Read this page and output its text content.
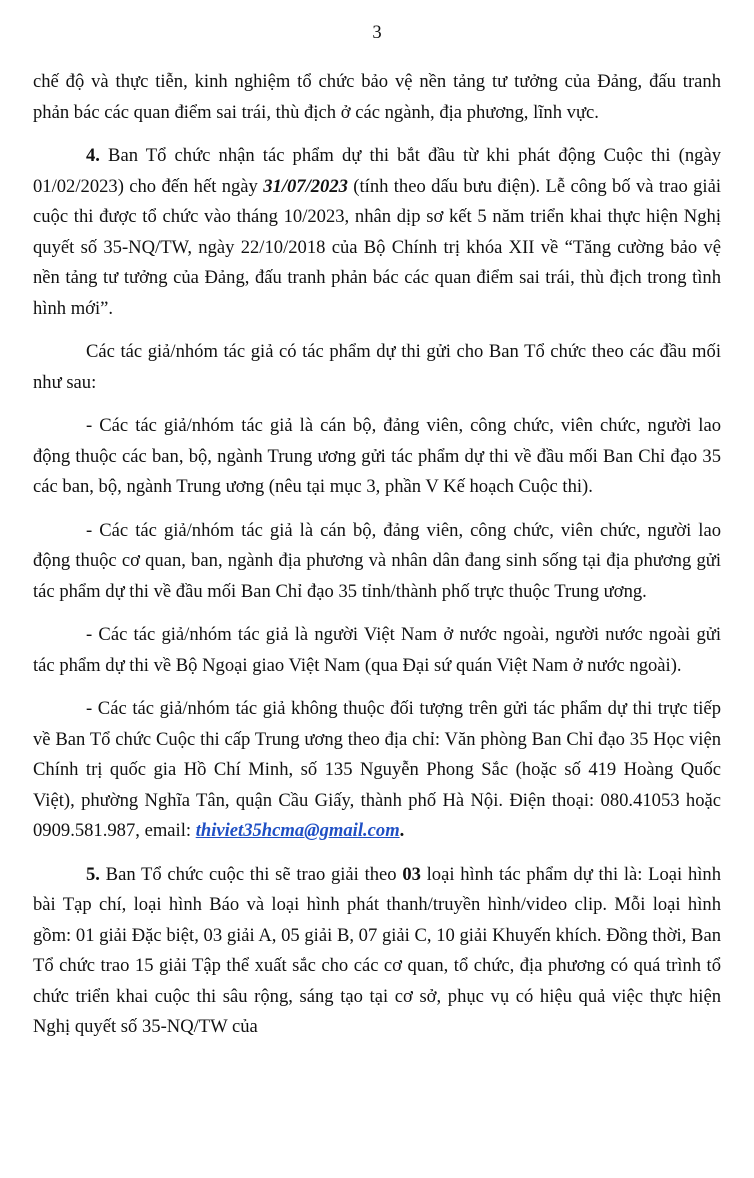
3

chế độ và thực tiễn, kinh nghiệm tổ chức bảo vệ nền tảng tư tưởng của Đảng, đấu tranh phản bác các quan điểm sai trái, thù địch ở các ngành, địa phương, lĩnh vực.

4. Ban Tổ chức nhận tác phẩm dự thi bắt đầu từ khi phát động Cuộc thi (ngày 01/02/2023) cho đến hết ngày 31/07/2023 (tính theo dấu bưu điện). Lễ công bố và trao giải cuộc thi được tổ chức vào tháng 10/2023, nhân dịp sơ kết 5 năm triển khai thực hiện Nghị quyết số 35-NQ/TW, ngày 22/10/2018 của Bộ Chính trị khóa XII về “Tăng cường bảo vệ nền tảng tư tưởng của Đảng, đấu tranh phản bác các quan điểm sai trái, thù địch trong tình hình mới”.

Các tác giả/nhóm tác giả có tác phẩm dự thi gửi cho Ban Tổ chức theo các đầu mối như sau:

- Các tác giả/nhóm tác giả là cán bộ, đảng viên, công chức, viên chức, người lao động thuộc các ban, bộ, ngành Trung ương gửi tác phẩm dự thi về đầu mối Ban Chỉ đạo 35 các ban, bộ, ngành Trung ương (nêu tại mục 3, phần V Kế hoạch Cuộc thi).

- Các tác giả/nhóm tác giả là cán bộ, đảng viên, công chức, viên chức, người lao động thuộc cơ quan, ban, ngành địa phương và nhân dân đang sinh sống tại địa phương gửi tác phẩm dự thi về đầu mối Ban Chỉ đạo 35 tỉnh/thành phố trực thuộc Trung ương.

- Các tác giả/nhóm tác giả là người Việt Nam ở nước ngoài, người nước ngoài gửi tác phẩm dự thi về Bộ Ngoại giao Việt Nam (qua Đại sứ quán Việt Nam ở nước ngoài).

- Các tác giả/nhóm tác giả không thuộc đối tượng trên gửi tác phẩm dự thi trực tiếp về Ban Tổ chức Cuộc thi cấp Trung ương theo địa chỉ: Văn phòng Ban Chỉ đạo 35 Học viện Chính trị quốc gia Hồ Chí Minh, số 135 Nguyễn Phong Sắc (hoặc số 419 Hoàng Quốc Việt), phường Nghĩa Tân, quận Cầu Giấy, thành phố Hà Nội. Điện thoại: 080.41053 hoặc 0909.581.987, email: thiviet35hcma@gmail.com.

5. Ban Tổ chức cuộc thi sẽ trao giải theo 03 loại hình tác phẩm dự thi là: Loại hình bài Tạp chí, loại hình Báo và loại hình phát thanh/truyền hình/video clip. Mỗi loại hình gồm: 01 giải Đặc biệt, 03 giải A, 05 giải B, 07 giải C, 10 giải Khuyến khích. Đồng thời, Ban Tổ chức trao 15 giải Tập thể xuất sắc cho các cơ quan, tổ chức, địa phương có quá trình tổ chức triển khai cuộc thi sâu rộng, sáng tạo tại cơ sở, phục vụ có hiệu quả việc thực hiện Nghị quyết số 35-NQ/TW của
